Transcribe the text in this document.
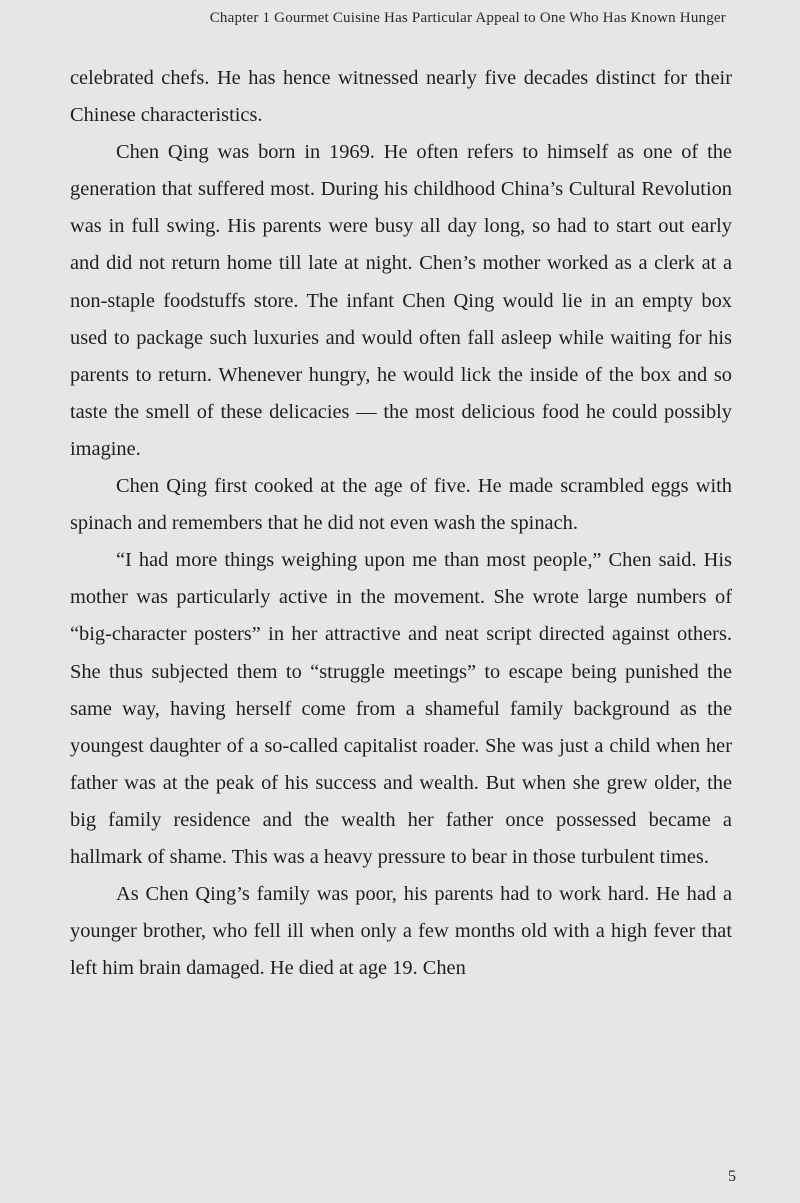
Chapter 1 Gourmet Cuisine Has Particular Appeal to One Who Has Known Hunger

celebrated chefs. He has hence witnessed nearly five decades distinct for their Chinese characteristics.

Chen Qing was born in 1969. He often refers to himself as one of the generation that suffered most. During his childhood China’s Cultural Revolution was in full swing. His parents were busy all day long, so had to start out early and did not return home till late at night. Chen’s mother worked as a clerk at a non-staple foodstuffs store. The infant Chen Qing would lie in an empty box used to package such luxuries and would often fall asleep while waiting for his parents to return. Whenever hungry, he would lick the inside of the box and so taste the smell of these delicacies — the most delicious food he could possibly imagine.

Chen Qing first cooked at the age of five. He made scrambled eggs with spinach and remembers that he did not even wash the spinach.

“I had more things weighing upon me than most people,” Chen said. His mother was particularly active in the movement. She wrote large numbers of “big-character posters” in her attractive and neat script directed against others. She thus subjected them to “struggle meetings” to escape being punished the same way, having herself come from a shameful family background as the youngest daughter of a so-called capitalist roader. She was just a child when her father was at the peak of his success and wealth. But when she grew older, the big family residence and the wealth her father once possessed became a hallmark of shame. This was a heavy pressure to bear in those turbulent times.

As Chen Qing’s family was poor, his parents had to work hard. He had a younger brother, who fell ill when only a few months old with a high fever that left him brain damaged. He died at age 19. Chen

5
